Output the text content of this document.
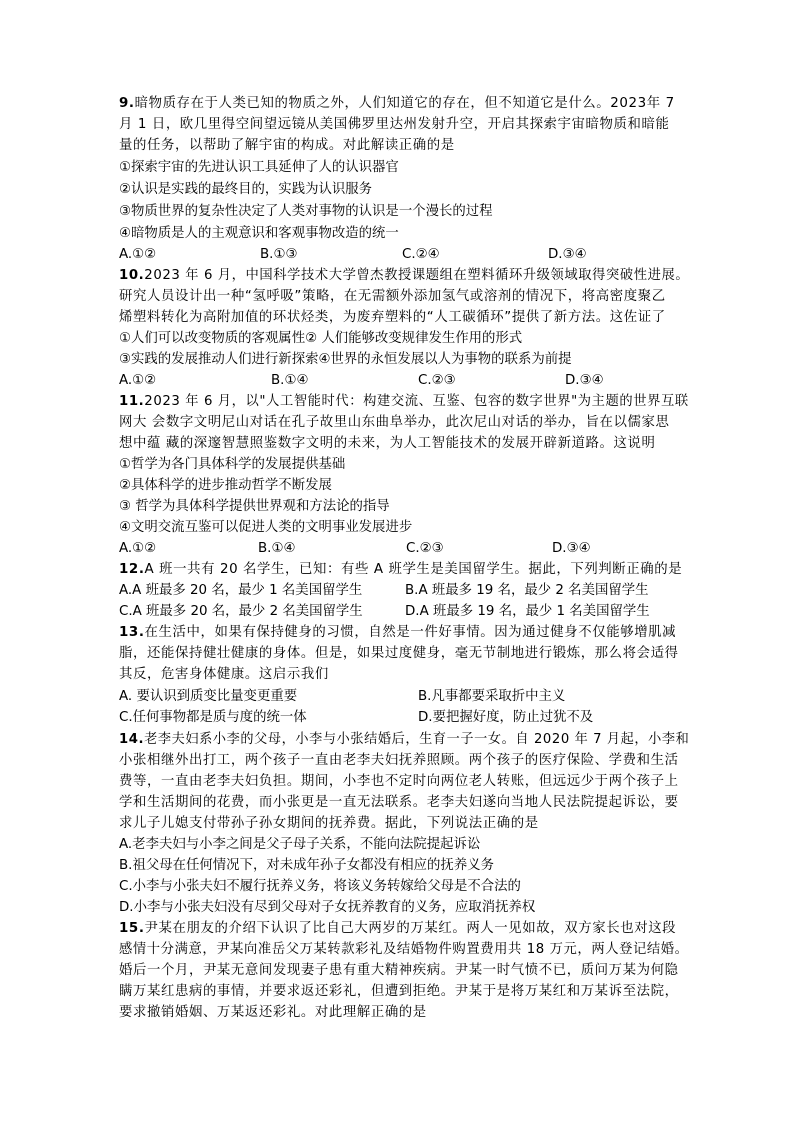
9.暗物质存在于人类已知的物质之外，人们知道它的存在，但不知道它是什么。2023年 7
月 1 日，欧几里得空间望远镜从美国佛罗里达州发射升空，开启其探索宇宙暗物质和暗能
量的任务，以帮助了解宇宙的构成。对此解读正确的是
①探索宇宙的先进认识工具延伸了人的认识器官
②认识是实践的最终目的，实践为认识服务
③物质世界的复杂性决定了人类对事物的认识是一个漫长的过程
④暗物质是人的主观意识和客观事物改造的统一
A.①②	B.①③	C.②④	D.③④
10.2023 年 6 月，中国科学技术大学曾杰教授课题组在塑料循环升级领域取得突破性进展。
研究人员设计出一种“氢呼吸”策略，在无需额外添加氢气或溶剂的情况下，将高密度聚乙
烯塑料转化为高附加值的环状烃类，为废弃塑料的“人工碳循环”提供了新方法。这佐证了
①人们可以改变物质的客观属性② 人们能够改变规律发生作用的形式
③实践的发展推动人们进行新探索④世界的永恒发展以人为事物的联系为前提
A.①②	B.①④	C.②③	D.③④
11.2023 年 6 月，以"人工智能时代：构建交流、互鉴、包容的数字世界"为主题的世界互联
网大 会数字文明尼山对话在孔子故里山东曲阜举办，此次尼山对话的举办，旨在以儒家思
想中蕴 藏的深邃智慧照鉴数字文明的未来，为人工智能技术的发展开辟新道路。这说明
①哲学为各门具体科学的发展提供基础
②具体科学的进步推动哲学不断发展
③ 哲学为具体科学提供世界观和方法论的指导
④文明交流互鉴可以促进人类的文明事业发展进步
A.①②	B.①④	C.②③	D.③④
12.A 班一共有 20 名学生，已知：有些 A 班学生是美国留学生。据此，下列判断正确的是
A.A 班最多 20 名，最少 1 名美国留学生	B.A 班最多 19 名，最少 2 名美国留学生
C.A 班最多 20 名，最少 2 名美国留学生	D.A 班最多 19 名，最少 1 名美国留学生
13.在生活中，如果有保持健身的习惯，自然是一件好事情。因为通过健身不仅能够增肌减
脂，还能保持健壮健康的身体。但是，如果过度健身，毫无节制地进行锻炼，那么将会适得
其反，危害身体健康。这启示我们
A. 要认识到质变比量变更重要	B.凡事都要采取折中主义
C.任何事物都是质与度的统一体	D.要把握好度，防止过犹不及
14.老李夫妇系小李的父母，小李与小张结婚后，生育一子一女。自 2020 年 7 月起，小李和
小张相继外出打工，两个孩子一直由老李夫妇抚养照顾。两个孩子的医疗保险、学费和生活
费等，一直由老李夫妇负担。期间，小李也不定时向两位老人转账，但远远少于两个孩子上
学和生活期间的花费，而小张更是一直无法联系。老李夫妇遂向当地人民法院提起诉讼，要
求儿子儿媳支付带孙子孙女期间的抚养费。据此，下列说法正确的是
A.老李夫妇与小李之间是父子母子关系，不能向法院提起诉讼
B.祖父母在任何情况下，对未成年孙子女都没有相应的抚养义务
C.小李与小张夫妇不履行抚养义务，将该义务转嫁给父母是不合法的
D.小李与小张夫妇没有尽到父母对子女抚养教育的义务，应取消抚养权
15.尹某在朋友的介绍下认识了比自己大两岁的万某红。两人一见如故，双方家长也对这段
感情十分满意，尹某向准岳父万某转款彩礼及结婚物件购置费用共 18 万元，两人登记结婚。
婚后一个月，尹某无意间发现妻子患有重大精神疾病。尹某一时气愤不已，质问万某为何隐
瞒万某红患病的事情，并要求返还彩礼，但遭到拒绝。尹某于是将万某红和万某诉至法院，
要求撤销婚姻、万某返还彩礼。对此理解正确的是
